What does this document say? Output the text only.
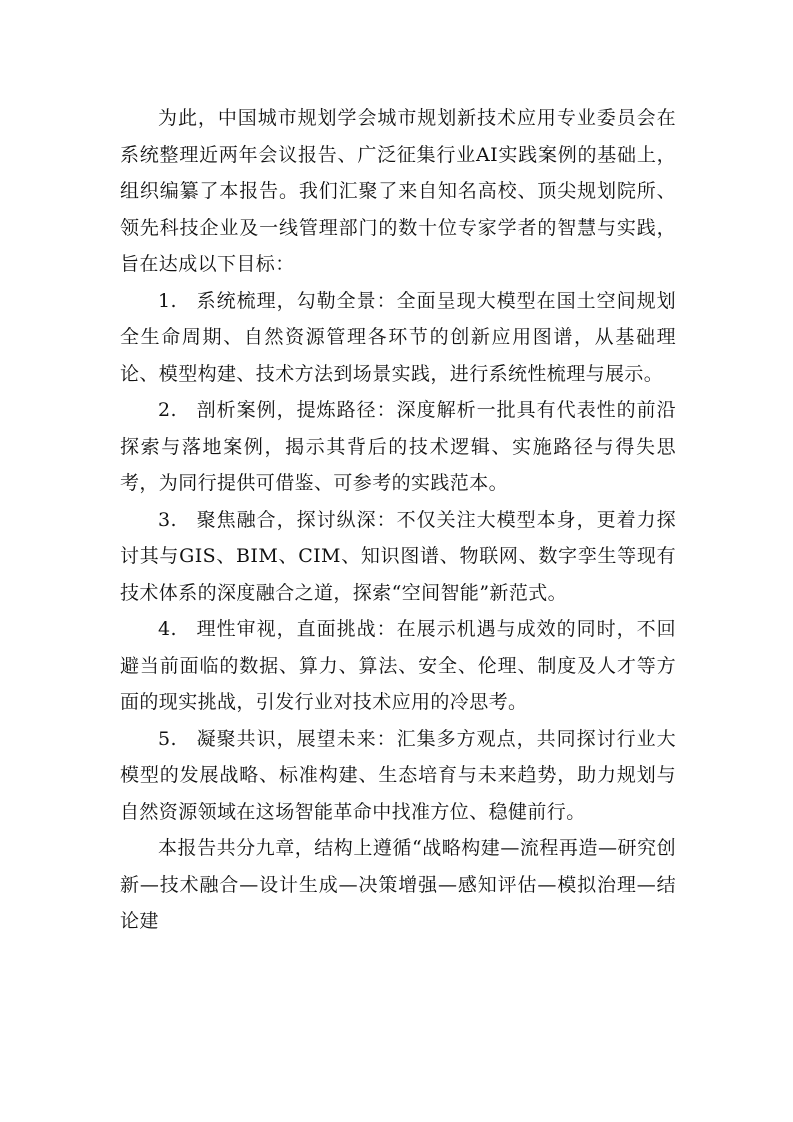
为此，中国城市规划学会城市规划新技术应用专业委员会在系统整理近两年会议报告、广泛征集行业AI实践案例的基础上，组织编纂了本报告。我们汇聚了来自知名高校、顶尖规划院所、领先科技企业及一线管理部门的数十位专家学者的智慧与实践，旨在达成以下目标：

1. 系统梳理，勾勒全景：全面呈现大模型在国土空间规划全生命周期、自然资源管理各环节的创新应用图谱，从基础理论、模型构建、技术方法到场景实践，进行系统性梳理与展示。

2. 剖析案例，提炼路径：深度解析一批具有代表性的前沿探索与落地案例，揭示其背后的技术逻辑、实施路径与得失思考，为同行提供可借鉴、可参考的实践范本。

3. 聚焦融合，探讨纵深：不仅关注大模型本身，更着力探讨其与GIS、BIM、CIM、知识图谱、物联网、数字孪生等现有技术体系的深度融合之道，探索“空间智能”新范式。

4. 理性审视，直面挑战：在展示机遇与成效的同时，不回避当前面临的数据、算力、算法、安全、伦理、制度及人才等方面的现实挑战，引发行业对技术应用的冷思考。

5. 凝聚共识，展望未来：汇集多方观点，共同探讨行业大模型的发展战略、标准构建、生态培育与未来趋势，助力规划与自然资源领域在这场智能革命中找准方位、稳健前行。

本报告共分九章，结构上遵循“战略构建—流程再造—研究创新—技术融合—设计生成—决策增强—感知评估—模拟治理—结论建
